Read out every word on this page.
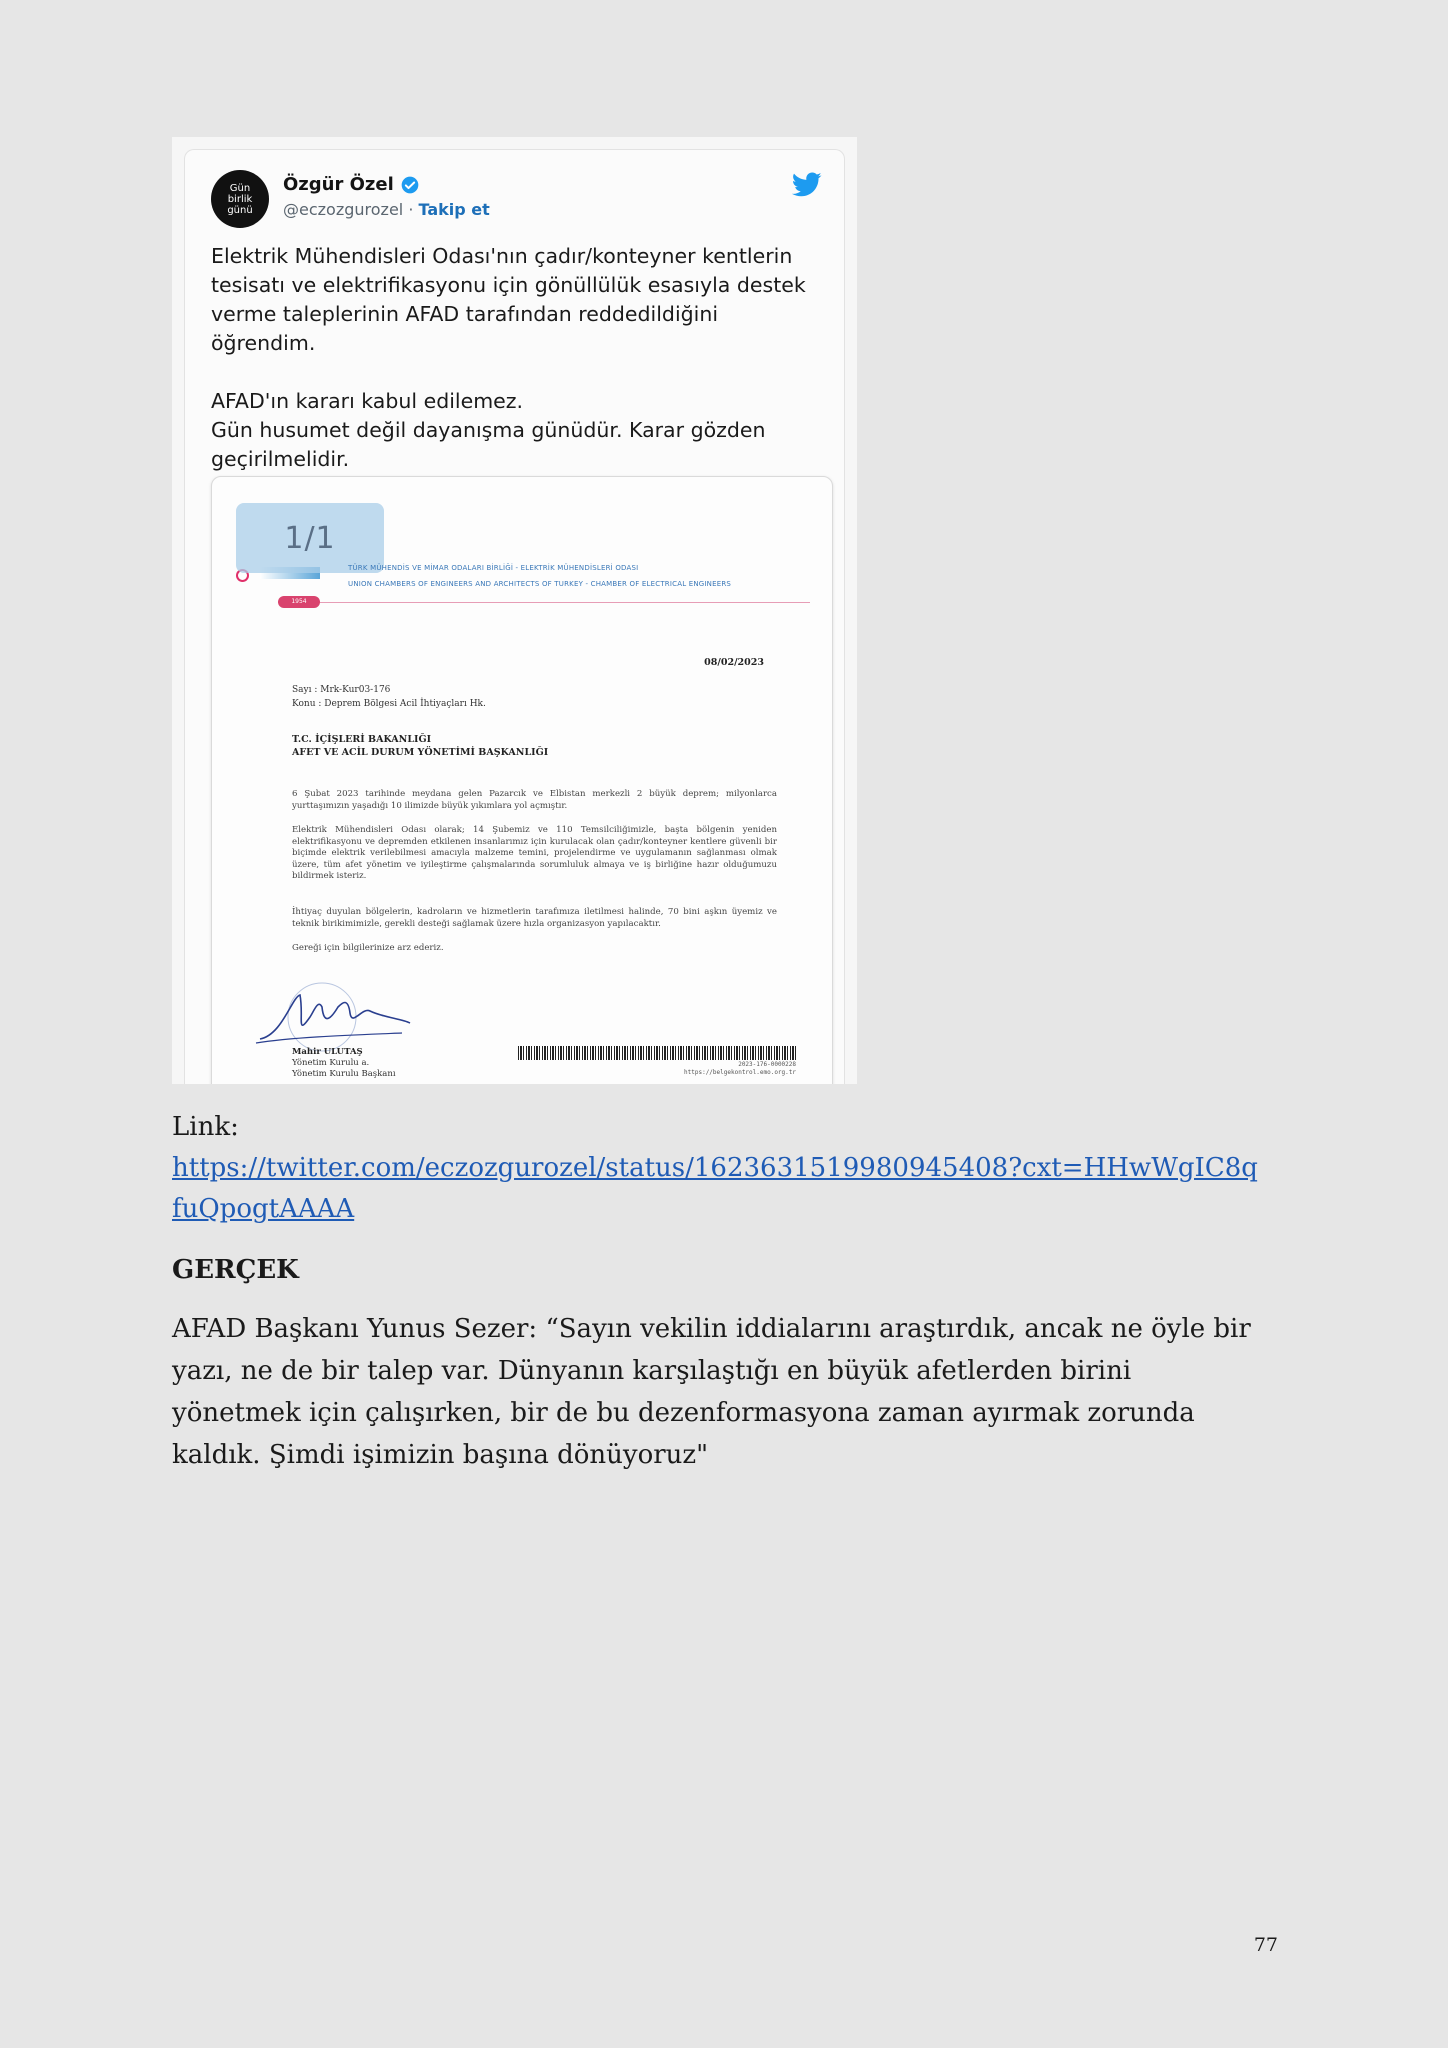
Gün
birlik
günü
Özgür Özel
@eczozgurozel · Takip et

Elektrik Mühendisleri Odası'nın çadır/konteyner kentlerin
tesisatı ve elektrifikasyonu için gönüllülük esasıyla destek
verme taleplerinin AFAD tarafından reddedildiğini
öğrendim.

AFAD'ın kararı kabul edilemez.
Gün husumet değil dayanışma günüdür. Karar gözden
geçirilmelidir.

1/1
TÜRK MÜHENDİS VE MİMAR ODALARI BİRLİĞİ - ELEKTRİK MÜHENDİSLERİ ODASI
UNION CHAMBERS OF ENGINEERS AND ARCHITECTS OF TURKEY - CHAMBER OF ELECTRICAL ENGINEERS
1954
08/02/2023
Sayı : Mrk-Kur03-176
Konu : Deprem Bölgesi Acil İhtiyaçları Hk.
T.C. İÇİŞLERİ BAKANLIĞI
AFET VE ACİL DURUM YÖNETİMİ BAŞKANLIĞI
6 Şubat 2023 tarihinde meydana gelen Pazarcık ve Elbistan merkezli 2 büyük deprem; milyonlarca yurttaşımızın yaşadığı 10 ilimizde büyük yıkımlara yol açmıştır.
Elektrik Mühendisleri Odası olarak; 14 Şubemiz ve 110 Temsilciliğimizle, başta bölgenin yeniden elektrifikasyonu ve depremden etkilenen insanlarımız için kurulacak olan çadır/konteyner kentlere güvenli bir biçimde elektrik verilebilmesi amacıyla malzeme temini, projelendirme ve uygulamanın sağlanması olmak üzere, tüm afet yönetim ve iyileştirme çalışmalarında sorumluluk almaya ve iş birliğine hazır olduğumuzu bildirmek isteriz.
İhtiyaç duyulan bölgelerin, kadroların ve hizmetlerin tarafımıza iletilmesi halinde, 70 bini aşkın üyemiz ve teknik birikimimizle, gerekli desteği sağlamak üzere hızla organizasyon yapılacaktır.
Gereği için bilgilerinize arz ederiz.
Mahir ULUTAŞ
Yönetim Kurulu a.
Yönetim Kurulu Başkanı
2023-176-0000228
https://belgekontrol.emo.org.tr

Link:

https://twitter.com/eczozgurozel/status/1623631519980945408?cxt=HHwWgIC8qfuQpogtAAAA

GERÇEK

AFAD Başkanı Yunus Sezer: “Sayın vekilin iddialarını araştırdık, ancak ne öyle bir yazı, ne de bir talep var. Dünyanın karşılaştığı en büyük afetlerden birini yönetmek için çalışırken, bir de bu dezenformasyona zaman ayırmak zorunda kaldık. Şimdi işimizin başına dönüyoruz"

77
